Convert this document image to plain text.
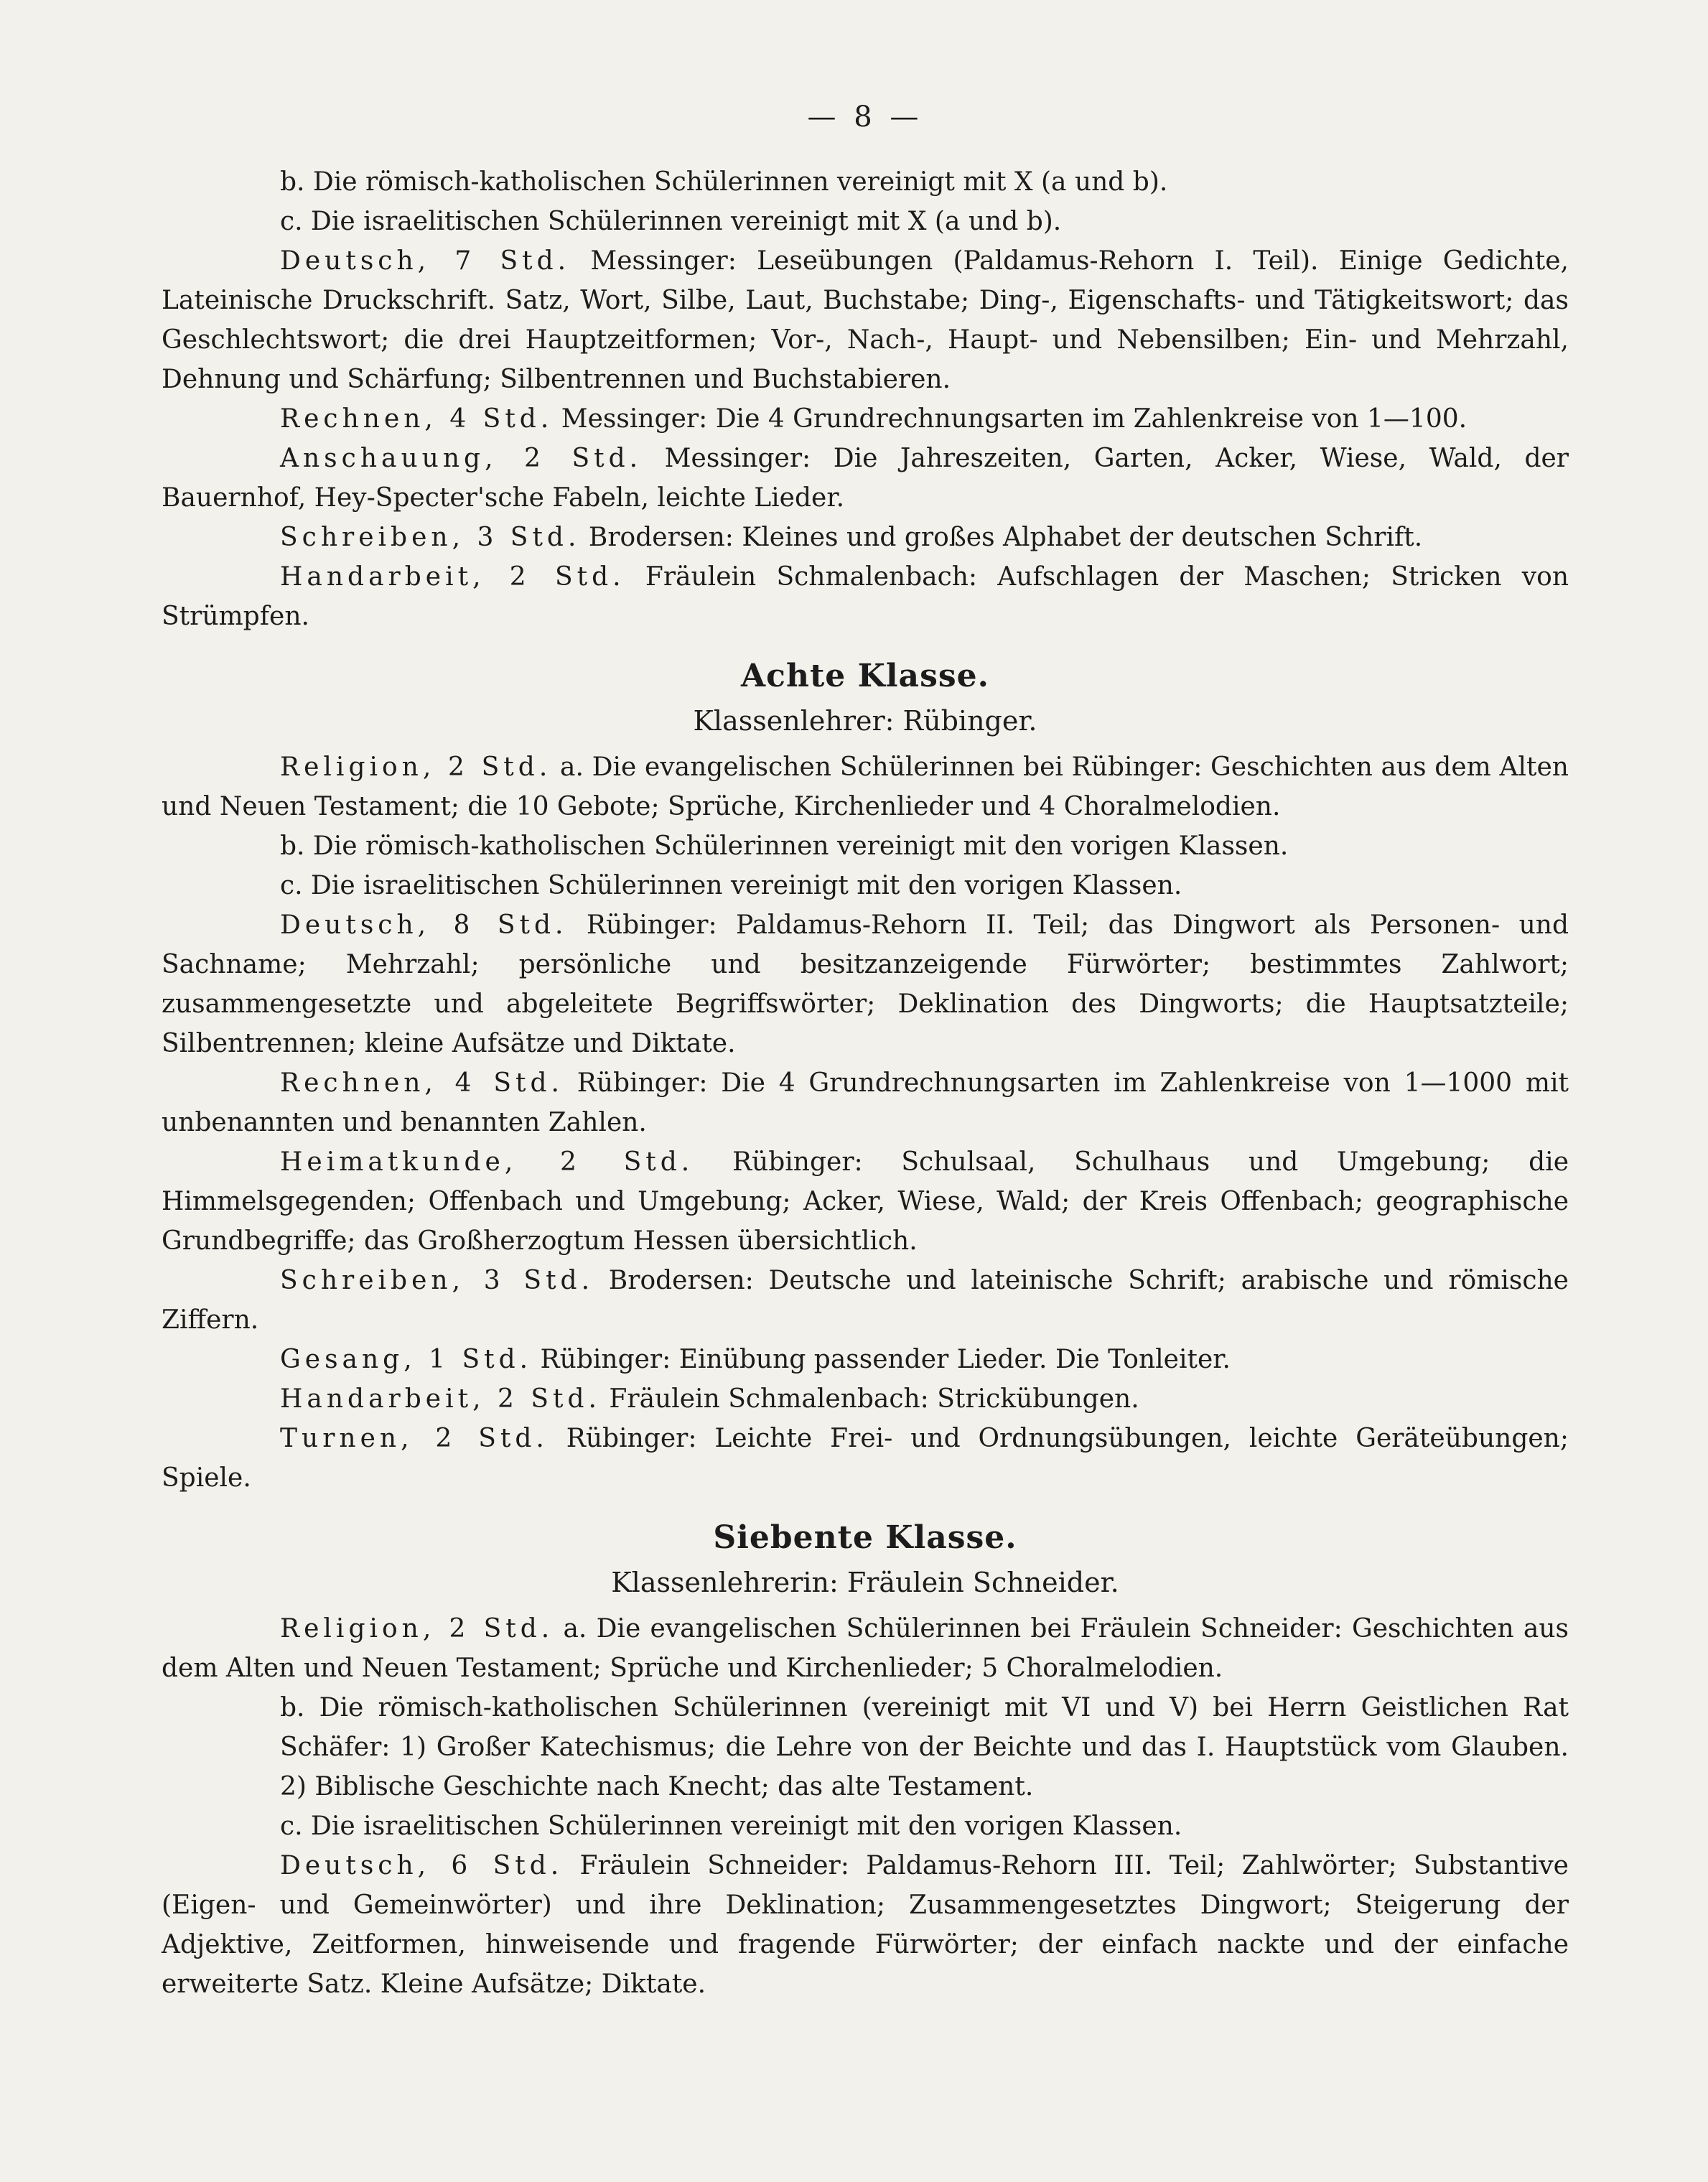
— 8 —

b. Die römisch-katholischen Schülerinnen vereinigt mit X (a und b).

c. Die israelitischen Schülerinnen vereinigt mit X (a und b).

Deutsch, 7 Std. Messinger: Leseübungen (Paldamus-Rehorn I. Teil). Einige Gedichte, Lateinische Druckschrift. Satz, Wort, Silbe, Laut, Buchstabe; Ding-, Eigenschafts- und Tätigkeitswort; das Geschlechtswort; die drei Hauptzeitformen; Vor-, Nach-, Haupt- und Nebensilben; Ein- und Mehrzahl, Dehnung und Schärfung; Silbentrennen und Buchstabieren.

Rechnen, 4 Std. Messinger: Die 4 Grundrechnungsarten im Zahlenkreise von 1—100.

Anschauung, 2 Std. Messinger: Die Jahreszeiten, Garten, Acker, Wiese, Wald, der Bauernhof, Hey-Specter'sche Fabeln, leichte Lieder.

Schreiben, 3 Std. Brodersen: Kleines und großes Alphabet der deutschen Schrift.

Handarbeit, 2 Std. Fräulein Schmalenbach: Aufschlagen der Maschen; Stricken von Strümpfen.

Achte Klasse.
Klassenlehrer: Rübinger.

Religion, 2 Std. a. Die evangelischen Schülerinnen bei Rübinger: Geschichten aus dem Alten und Neuen Testament; die 10 Gebote; Sprüche, Kirchenlieder und 4 Choralmelodien.

b. Die römisch-katholischen Schülerinnen vereinigt mit den vorigen Klassen.

c. Die israelitischen Schülerinnen vereinigt mit den vorigen Klassen.

Deutsch, 8 Std. Rübinger: Paldamus-Rehorn II. Teil; das Dingwort als Personen- und Sachname; Mehrzahl; persönliche und besitzanzeigende Fürwörter; bestimmtes Zahlwort; zusammengesetzte und abgeleitete Begriffswörter; Deklination des Dingworts; die Hauptsatzteile; Silbentrennen; kleine Aufsätze und Diktate.

Rechnen, 4 Std. Rübinger: Die 4 Grundrechnungsarten im Zahlenkreise von 1—1000 mit unbenannten und benannten Zahlen.

Heimatkunde, 2 Std. Rübinger: Schulsaal, Schulhaus und Umgebung; die Himmelsgegenden; Offenbach und Umgebung; Acker, Wiese, Wald; der Kreis Offenbach; geographische Grundbegriffe; das Großherzogtum Hessen übersichtlich.

Schreiben, 3 Std. Brodersen: Deutsche und lateinische Schrift; arabische und römische Ziffern.

Gesang, 1 Std. Rübinger: Einübung passender Lieder. Die Tonleiter.

Handarbeit, 2 Std. Fräulein Schmalenbach: Strickübungen.

Turnen, 2 Std. Rübinger: Leichte Frei- und Ordnungsübungen, leichte Geräteübungen; Spiele.

Siebente Klasse.
Klassenlehrerin: Fräulein Schneider.

Religion, 2 Std. a. Die evangelischen Schülerinnen bei Fräulein Schneider: Geschichten aus dem Alten und Neuen Testament; Sprüche und Kirchenlieder; 5 Choralmelodien.

b. Die römisch-katholischen Schülerinnen (vereinigt mit VI und V) bei Herrn Geistlichen Rat Schäfer: 1) Großer Katechismus; die Lehre von der Beichte und das I. Hauptstück vom Glauben. 2) Biblische Geschichte nach Knecht; das alte Testament.

c. Die israelitischen Schülerinnen vereinigt mit den vorigen Klassen.

Deutsch, 6 Std. Fräulein Schneider: Paldamus-Rehorn III. Teil; Zahlwörter; Substantive (Eigen- und Gemeinwörter) und ihre Deklination; Zusammengesetztes Dingwort; Steigerung der Adjektive, Zeitformen, hinweisende und fragende Fürwörter; der einfach nackte und der einfache erweiterte Satz. Kleine Aufsätze; Diktate.
